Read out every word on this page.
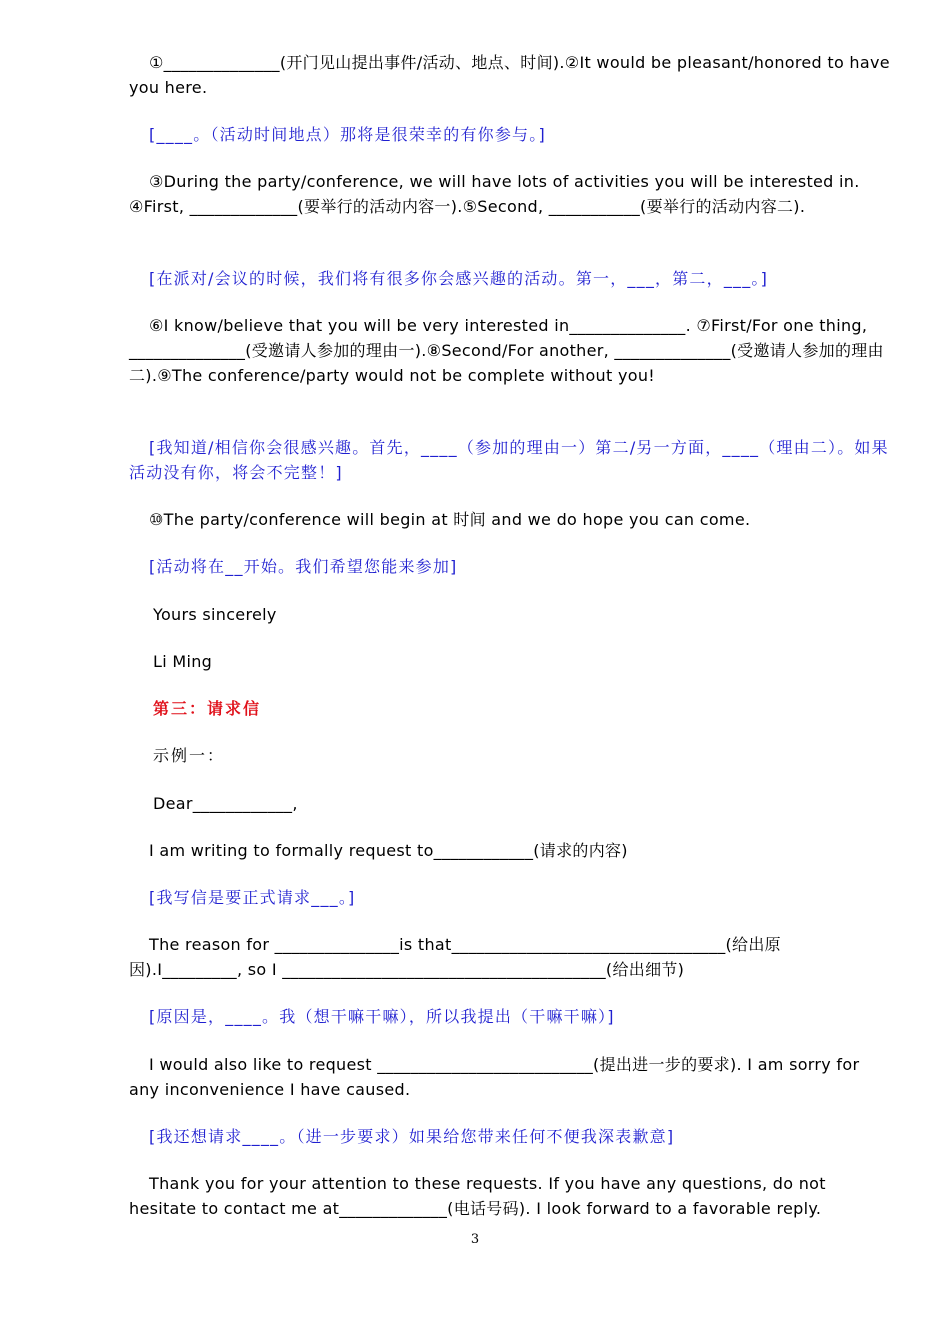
①______________(开门见山提出事件/活动、地点、时间).②It would be pleasant/honored to have you here.

[____。（活动时间地点）那将是很荣幸的有你参与。]

③During the party/conference, we will have lots of activities you will be interested in. ④First, _____________(要举行的活动内容一).⑤Second, ___________(要举行的活动内容二).

[在派对/会议的时候，我们将有很多你会感兴趣的活动。第一，___，第二，___。]

⑥I know/believe that you will be very interested in______________. ⑦First/For one thing, ______________(受邀请人参加的理由一).⑧Second/For another, ______________(受邀请人参加的理由二).⑨The conference/party would not be complete without you!

[我知道/相信你会很感兴趣。首先，____（参加的理由一）第二/另一方面，____（理由二）。如果活动没有你，将会不完整！]

⑩The party/conference will begin at 时间 and we do hope you can come.

[活动将在__开始。我们希望您能来参加]

Yours sincerely

Li Ming

第三：请求信

示例一：

Dear____________,

I am writing to formally request to____________(请求的内容)

[我写信是要正式请求___。]

The reason for _______________is that_________________________________(给出原因).I_________, so I _______________________________________(给出细节)

[原因是，____。我（想干嘛干嘛），所以我提出（干嘛干嘛）]

I would also like to request __________________________(提出进一步的要求). I am sorry for any inconvenience I have caused.

[我还想请求____。（进一步要求）如果给您带来任何不便我深表歉意]

Thank you for your attention to these requests. If you have any questions, do not hesitate to contact me at_____________(电话号码). I look forward to a favorable reply.

3
